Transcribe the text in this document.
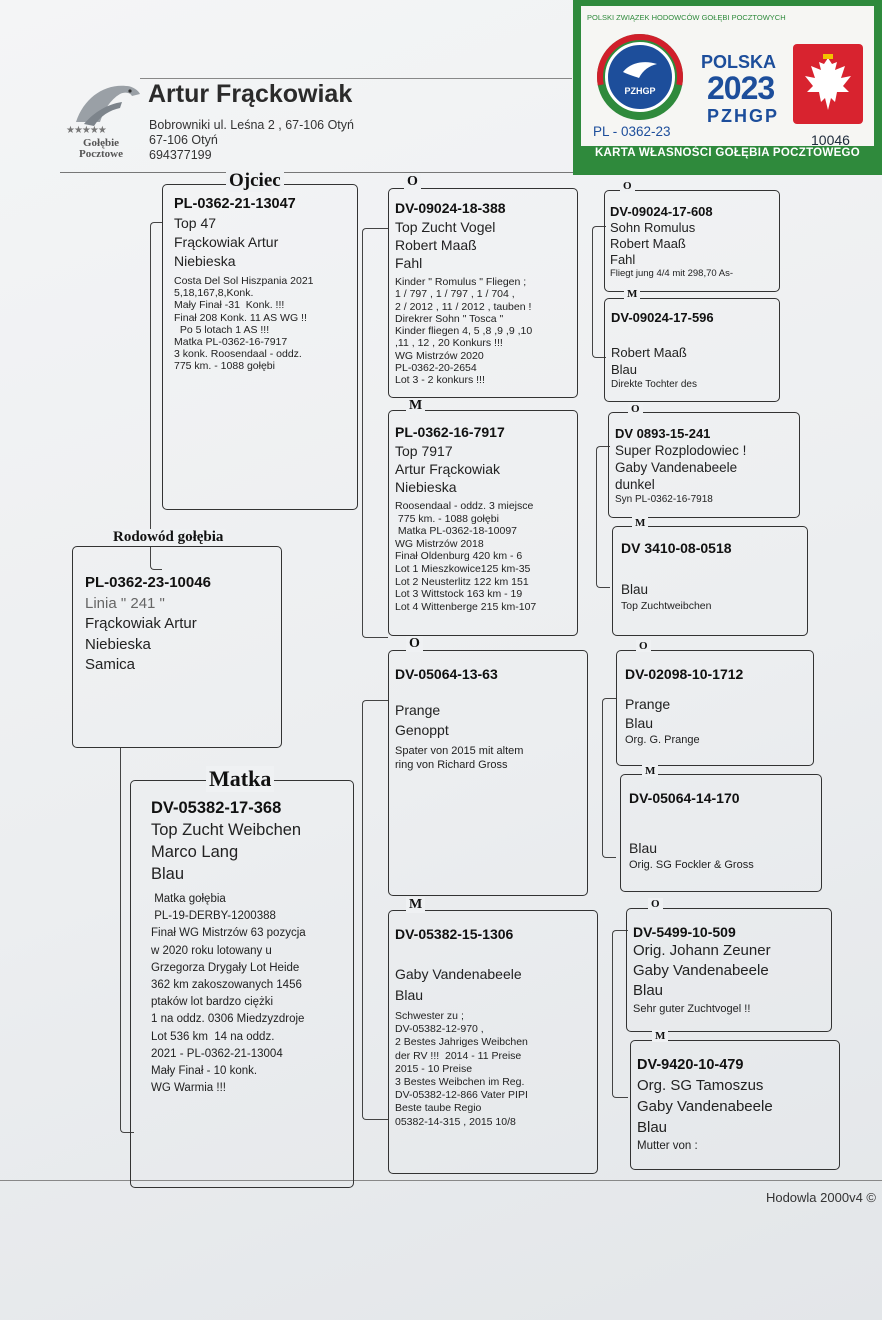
★★★★★
Gołębie
Pocztowe
Artur Frąckowiak
Bobrowniki ul. Leśna 2 , 67-106 Otyń
67-106 Otyń
694377199
POLSKI ZWIĄZEK HODOWCÓW GOŁĘBI POCZTOWYCH
PZHGP
POLSKA
2023
PZHGP
PL - 0362-23
10046
KARTA WŁASNOŚCI GOŁĘBIA POCZTOWEGO
PL-0362-23-10046
Linia " 241 "
Frąckowiak Artur
Niebieska
Samica
Rodowód gołębia
PL-0362-21-13047
Top 47
Frąckowiak Artur
Niebieska
Costa Del Sol Hiszpania 2021
5,18,167,8,Konk.
Mały Finał -31  Konk. !!!
Finał 208 Konk. 11 AS WG !!
Po 5 lotach 1 AS !!!
Matka PL-0362-16-7917
3 konk. Roosendaal - oddz.
775 km. - 1088 gołębi
Ojciec
DV-05382-17-368
Top Zucht Weibchen
Marco Lang
Blau
Matka gołębia
PL-19-DERBY-1200388
Finał WG Mistrzów 63 pozycja
w 2020 roku lotowany u
Grzegorza Drygały Lot Heide
362 km zakoszowanych 1456
ptaków lot bardzo ciężki
1 na oddz. 0306 Miedzyzdroje
Lot 536 km  14 na oddz.
2021 - PL-0362-21-13004
Mały Finał - 10 konk.
WG Warmia !!!
Matka
DV-09024-18-388
Top Zucht Vogel
Robert Maaß
Fahl
Kinder " Romulus " Fliegen ;
1 / 797 , 1 / 797 , 1 / 704 ,
2 / 2012 , 11 / 2012 , tauben !
Direkrer Sohn " Tosca "
Kinder fliegen 4, 5 ,8 ,9 ,9 ,10
,11 , 12 , 20 Konkurs !!!
WG Mistrzów 2020
PL-0362-20-2654
Lot 3 - 2 konkurs !!!
O
PL-0362-16-7917
Top 7917
Artur Frąckowiak
Niebieska
Roosendaal - oddz. 3 miejsce
775 km. - 1088 gołębi
Matka PL-0362-18-10097
WG Mistrzów 2018
Finał Oldenburg 420 km - 6
Lot 1 Mieszkowice125 km-35
Lot 2 Neusterlitz 122 km 151
Lot 3 Wittstock 163 km - 19
Lot 4 Wittenberge 215 km-107
M
DV-05064-13-63
Prange
Genoppt
Spater von 2015 mit altem
ring von Richard Gross
O
DV-05382-15-1306
Gaby Vandenabeele
Blau
Schwester zu ;
DV-05382-12-970 ,
2 Bestes Jahriges Weibchen
der RV !!!  2014 - 11 Preise
2015 - 10 Preise
3 Bestes Weibchen im Reg.
DV-05382-12-866 Vater PIPI
Beste taube Regio
05382-14-315 , 2015 10/8
M
DV-09024-17-608
Sohn Romulus
Robert Maaß
Fahl
Fliegt jung 4/4 mit 298,70 As-
O
DV-09024-17-596
Robert Maaß
Blau
Direkte Tochter des
M
DV 0893-15-241
Super Rozplodowiec !
Gaby Vandenabeele
dunkel
Syn PL-0362-16-7918
O
DV 3410-08-0518
Blau
Top Zuchtweibchen
M
DV-02098-10-1712
Prange
Blau
Org. G. Prange
O
DV-05064-14-170
Blau
Orig. SG Fockler & Gross
M
DV-5499-10-509
Orig. Johann Zeuner
Gaby Vandenabeele
Blau
Sehr guter Zuchtvogel !!
O
DV-9420-10-479
Org. SG Tamoszus
Gaby Vandenabeele
Blau
Mutter von :
M
Hodowla 2000v4 ©
